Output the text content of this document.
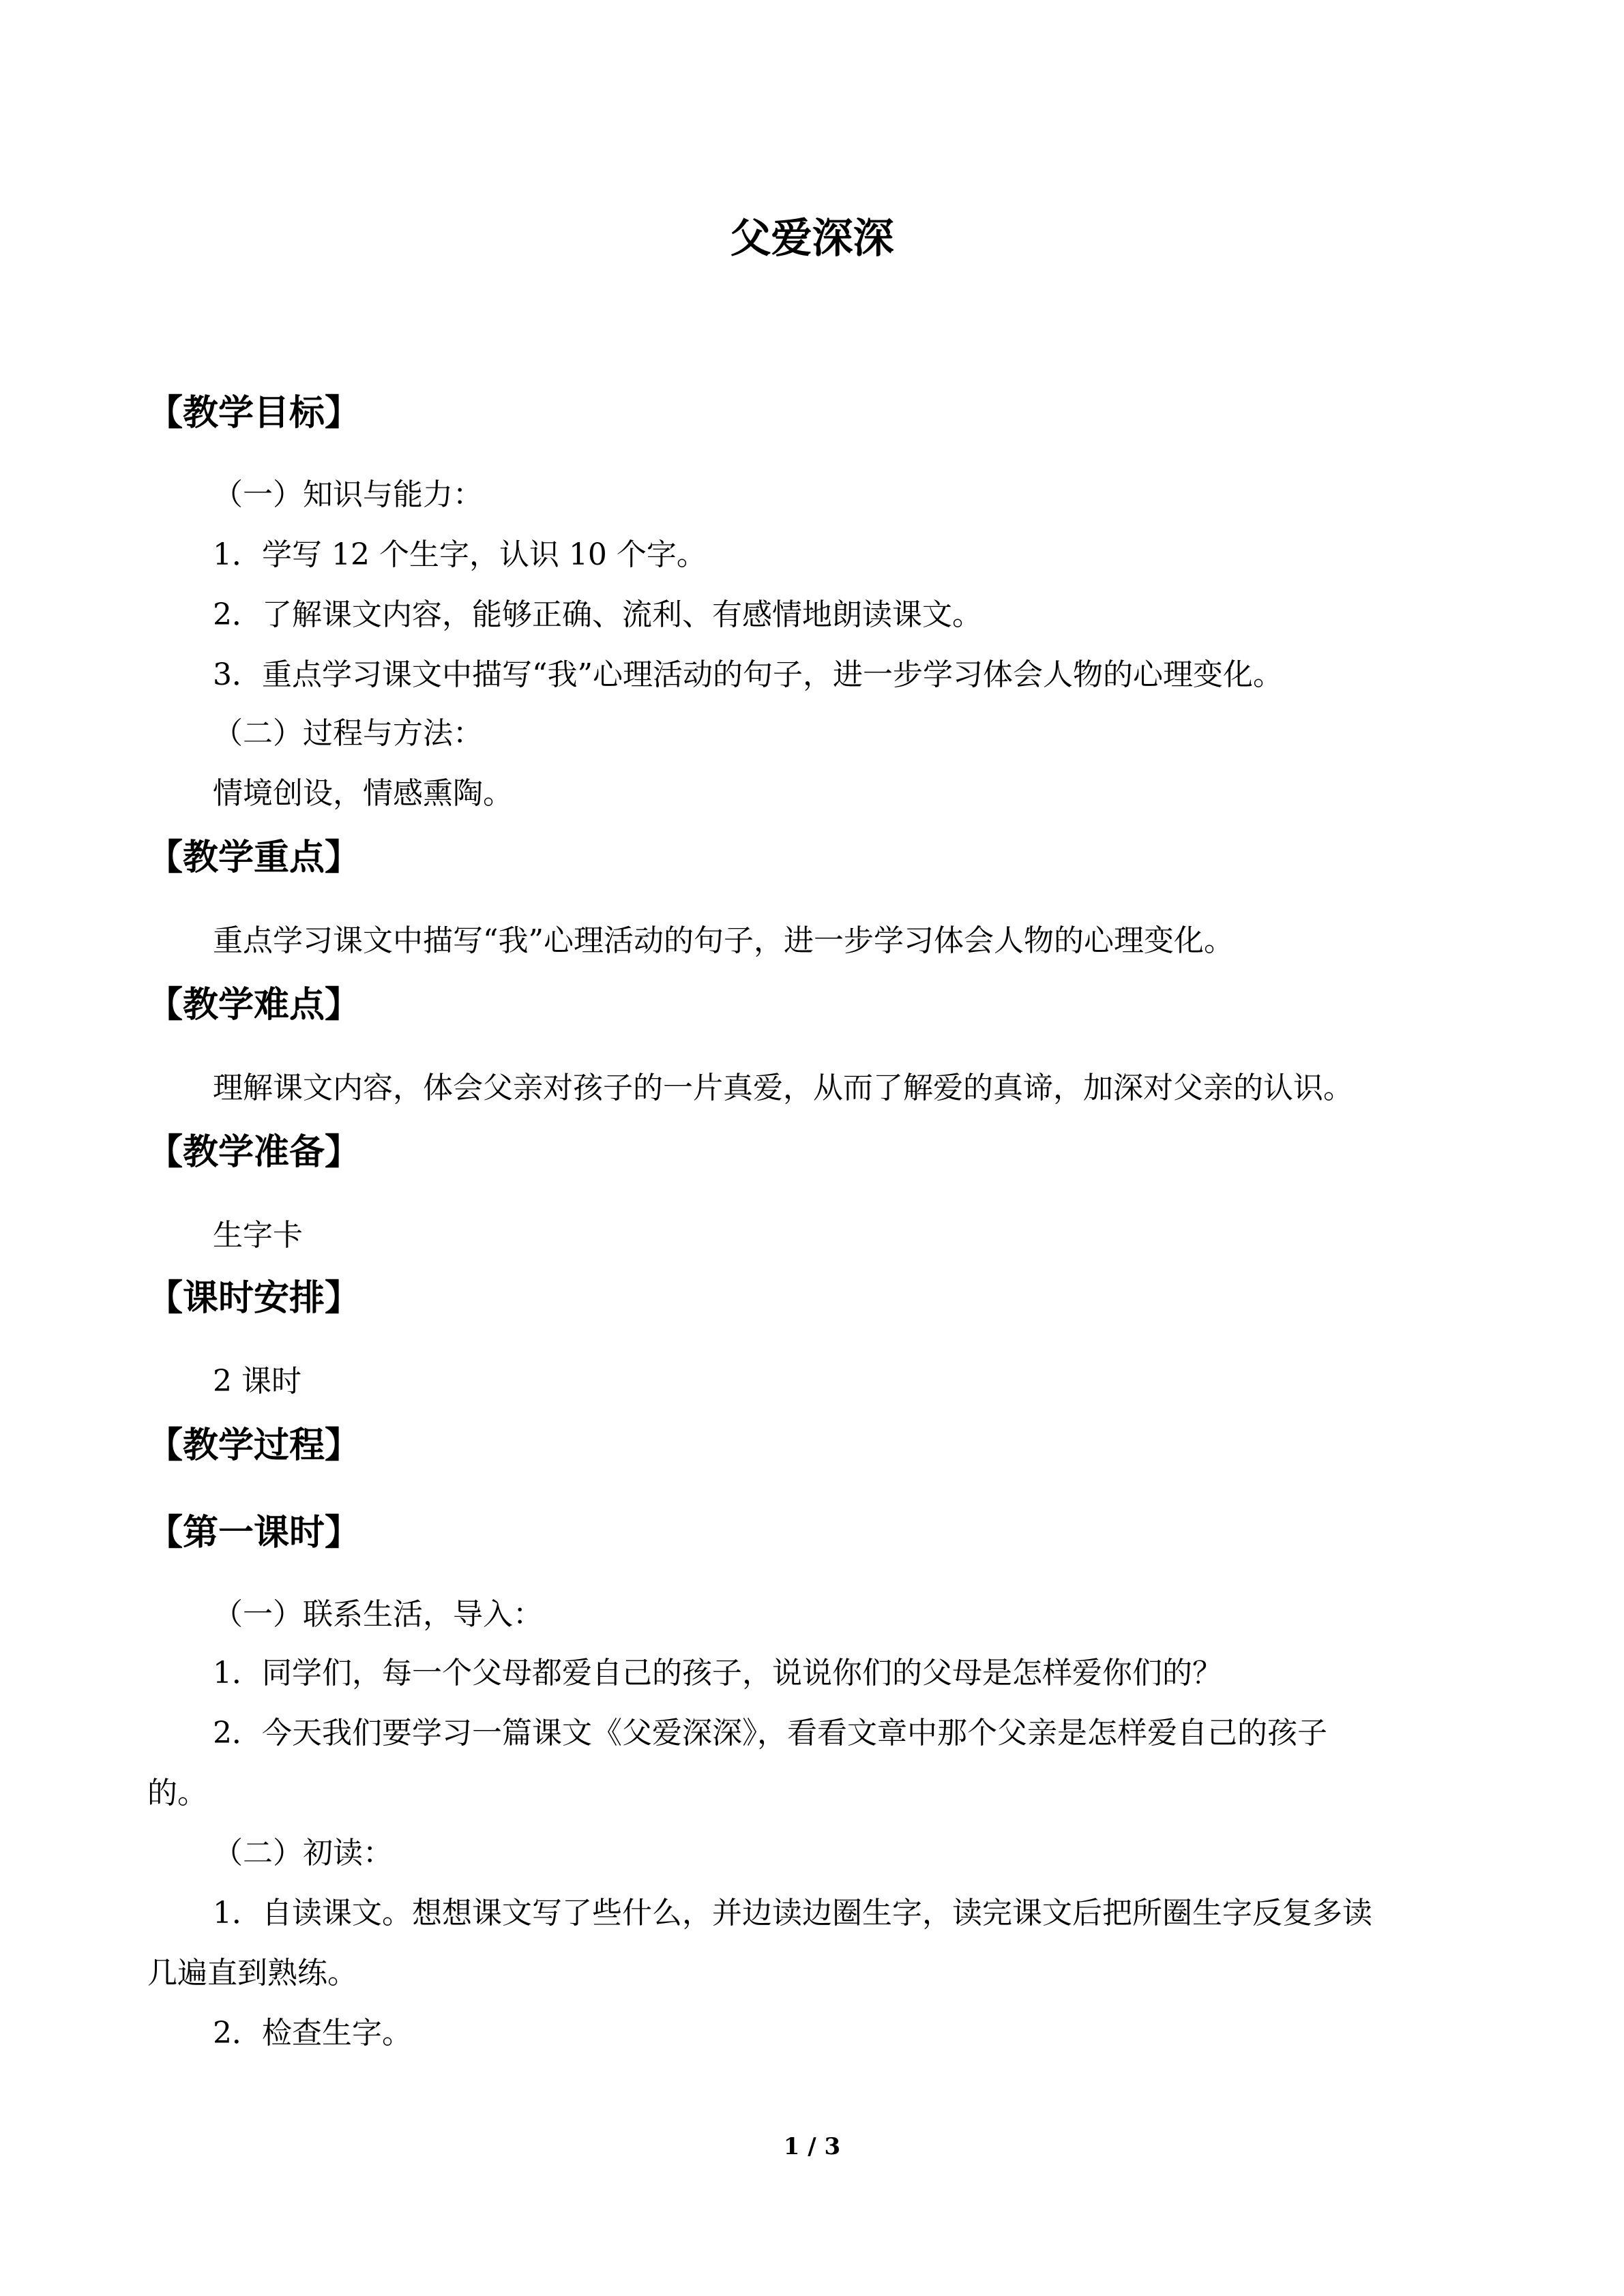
父爱深深
【教学目标】
（一）知识与能力：
1．学写 12 个生字，认识 10 个字。
2．了解课文内容，能够正确、流利、有感情地朗读课文。
3．重点学习课文中描写“我”心理活动的句子，进一步学习体会人物的心理变化。
（二）过程与方法：
情境创设，情感熏陶。
【教学重点】
重点学习课文中描写“我”心理活动的句子，进一步学习体会人物的心理变化。
【教学难点】
理解课文内容，体会父亲对孩子的一片真爱，从而了解爱的真谛，加深对父亲的认识。
【教学准备】
生字卡
【课时安排】
2 课时
【教学过程】
【第一课时】
（一）联系生活，导入：
1．同学们，每一个父母都爱自己的孩子，说说你们的父母是怎样爱你们的？
2．今天我们要学习一篇课文《父爱深深》，看看文章中那个父亲是怎样爱自己的孩子
的。
（二）初读：
1．自读课文。想想课文写了些什么，并边读边圈生字，读完课文后把所圈生字反复多读
几遍直到熟练。
2．检查生字。
1 / 3
